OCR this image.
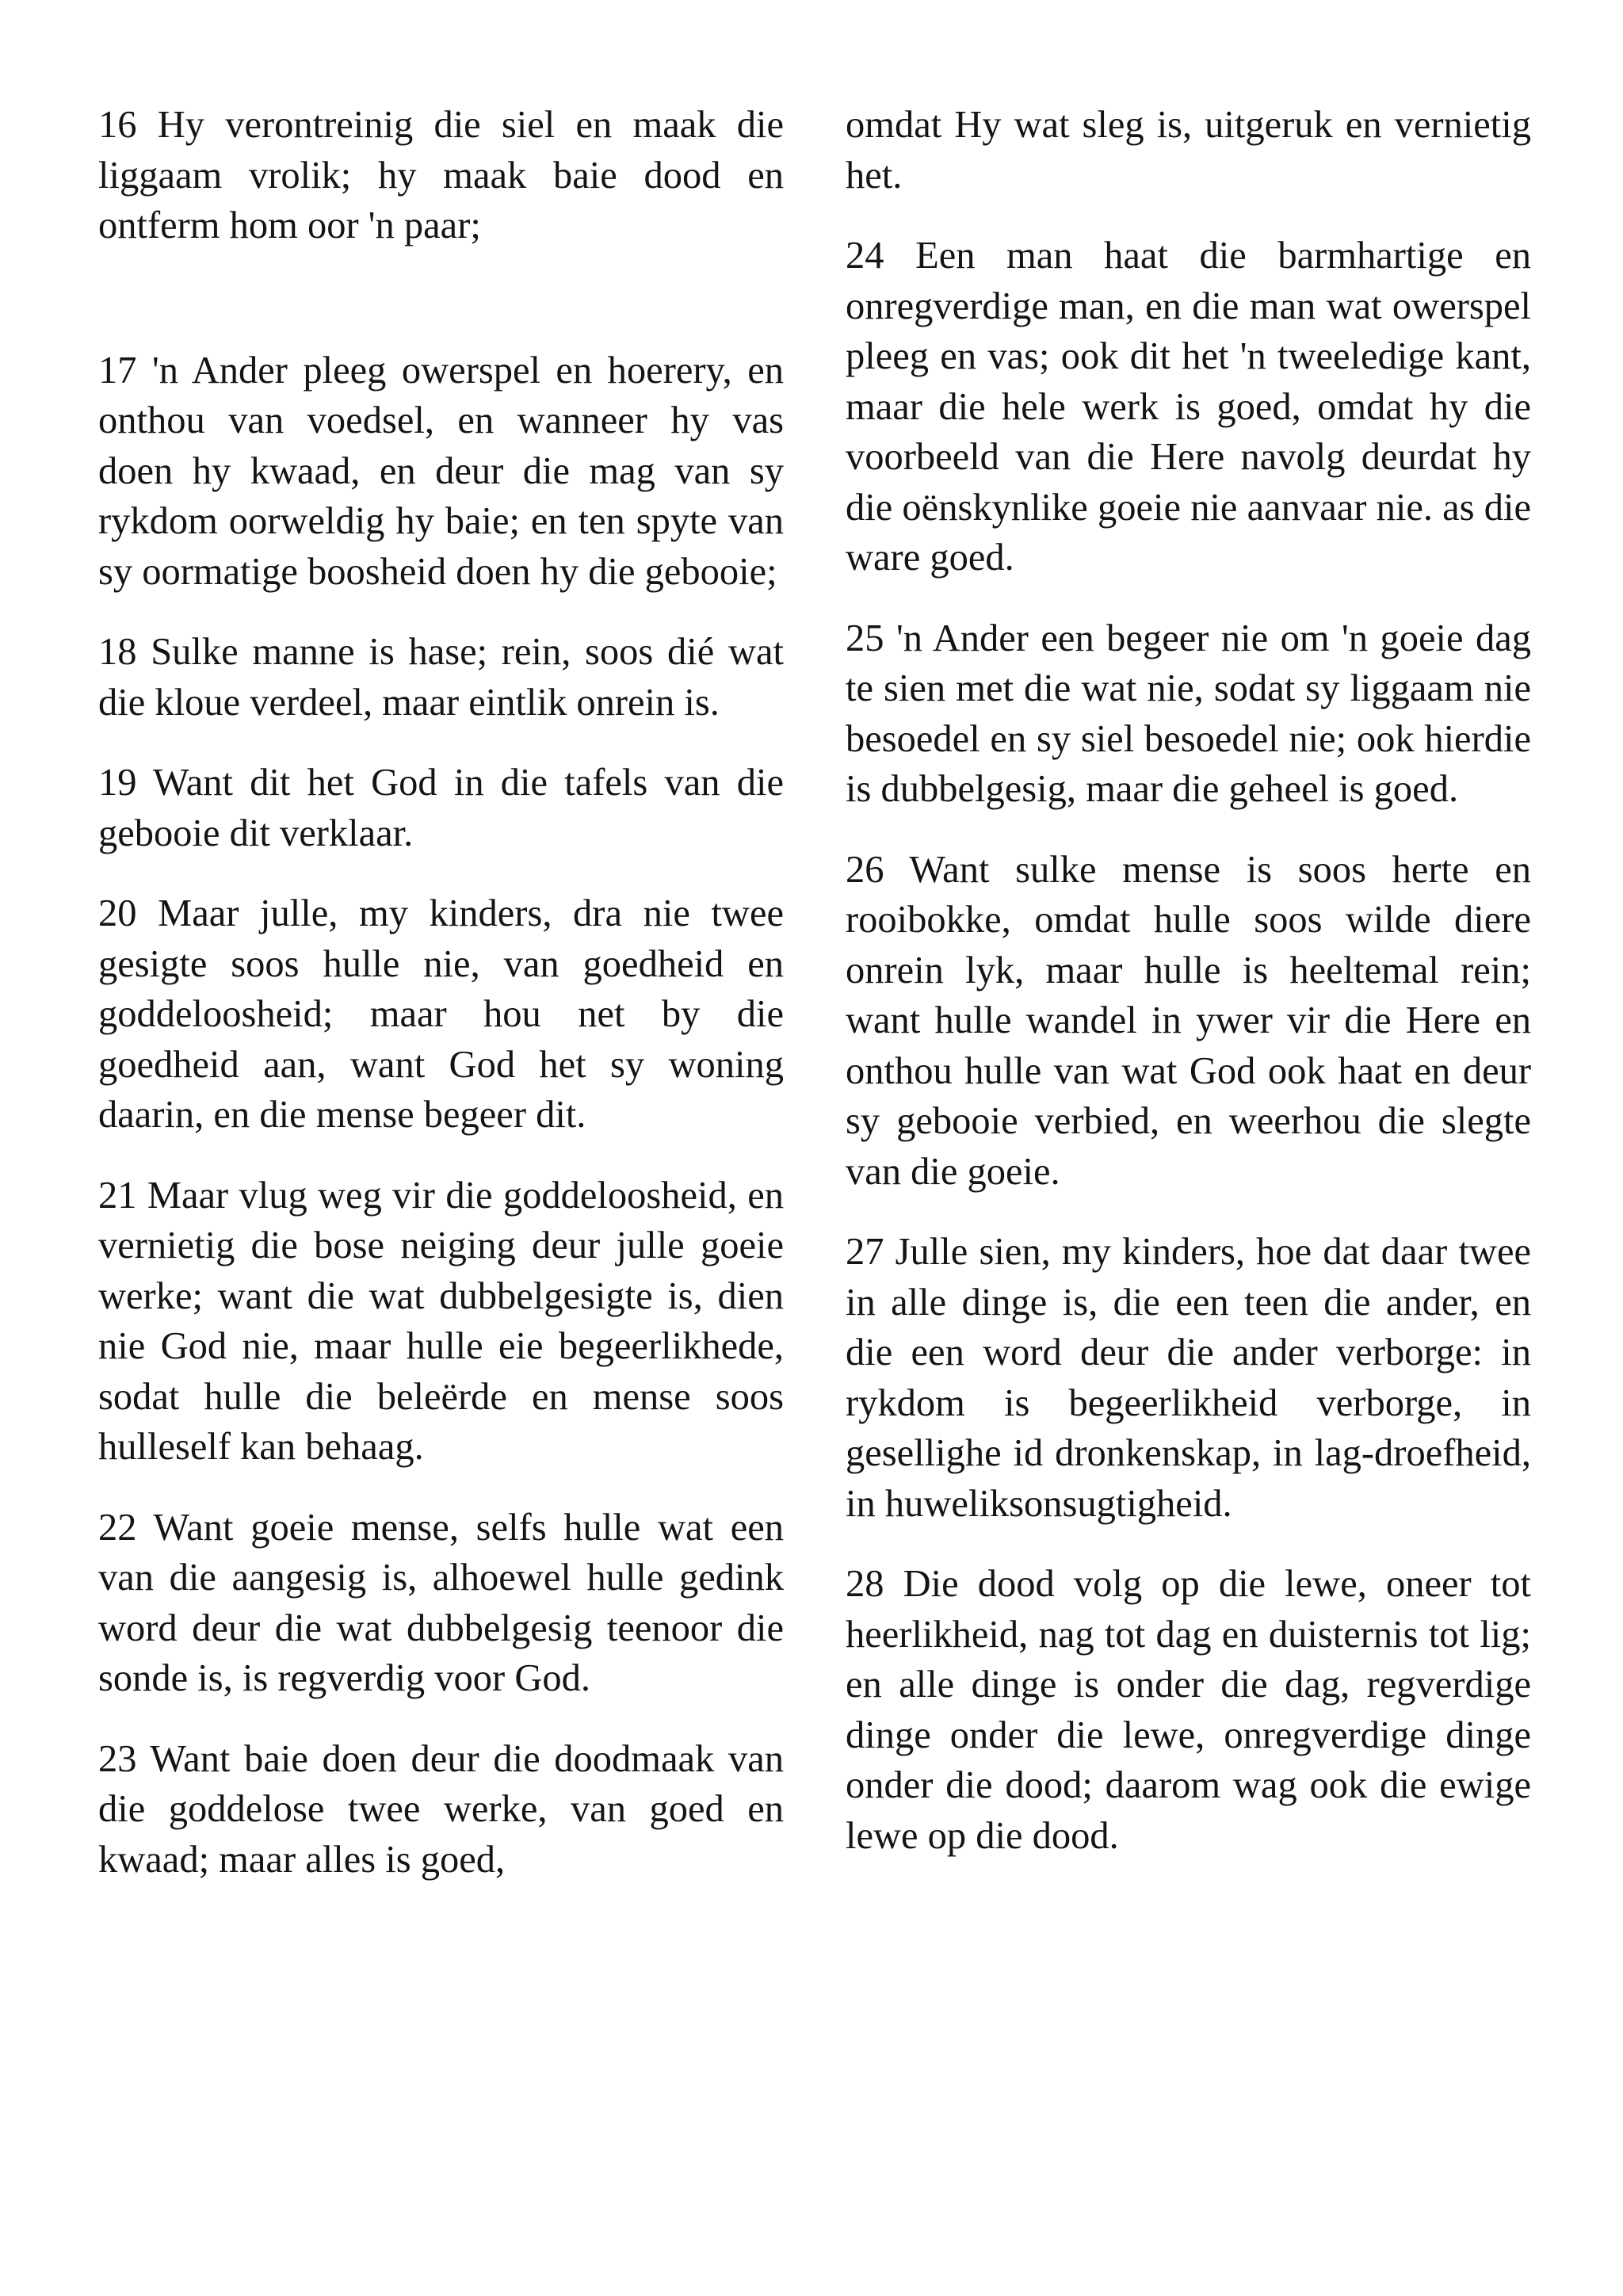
16 Hy verontreinig die siel en maak die liggaam vrolik; hy maak baie dood en ontferm hom oor 'n paar;

17 'n Ander pleeg owerspel en hoerery, en onthou van voedsel, en wanneer hy vas doen hy kwaad, en deur die mag van sy rykdom oorweldig hy baie; en ten spyte van sy oormatige boosheid doen hy die gebooie;

18 Sulke manne is hase; rein, soos dié wat die kloue verdeel, maar eintlik onrein is.

19 Want dit het God in die tafels van die gebooie dit verklaar.

20 Maar julle, my kinders, dra nie twee gesigte soos hulle nie, van goedheid en goddeloosheid; maar hou net by die goedheid aan, want God het sy woning daarin, en die mense begeer dit.

21 Maar vlug weg vir die goddeloosheid, en vernietig die bose neiging deur julle goeie werke; want die wat dubbelgesigte is, dien nie God nie, maar hulle eie begeerlikhede, sodat hulle die beleërde en mense soos hulleself kan behaag.

22 Want goeie mense, selfs hulle wat een van die aangesig is, alhoewel hulle gedink word deur die wat dubbelgesig teenoor die sonde is, is regverdig voor God.

23 Want baie doen deur die doodmaak van die goddelose twee werke, van goed en kwaad; maar alles is goed,

omdat Hy wat sleg is, uitgeruk en vernietig het.

24 Een man haat die barmhartige en onregverdige man, en die man wat owerspel pleeg en vas; ook dit het 'n tweeledige kant, maar die hele werk is goed, omdat hy die voorbeeld van die Here navolg deurdat hy die oënskynlike goeie nie aanvaar nie. as die ware goed.

25 'n Ander een begeer nie om 'n goeie dag te sien met die wat nie, sodat sy liggaam nie besoedel en sy siel besoedel nie; ook hierdie is dubbelgesig, maar die geheel is goed.

26 Want sulke mense is soos herte en rooibokke, omdat hulle soos wilde diere onrein lyk, maar hulle is heeltemal rein; want hulle wandel in ywer vir die Here en onthou hulle van wat God ook haat en deur sy gebooie verbied, en weerhou die slegte van die goeie.

27 Julle sien, my kinders, hoe dat daar twee in alle dinge is, die een teen die ander, en die een word deur die ander verborge: in rykdom is begeerlikheid verborge, in gesellighe id dronkenskap, in lag-droefheid, in huweliksonsugtigheid.

28 Die dood volg op die lewe, oneer tot heerlikheid, nag tot dag en duisternis tot lig; en alle dinge is onder die dag, regverdige dinge onder die lewe, onregverdige dinge onder die dood; daarom wag ook die ewige lewe op die dood.
